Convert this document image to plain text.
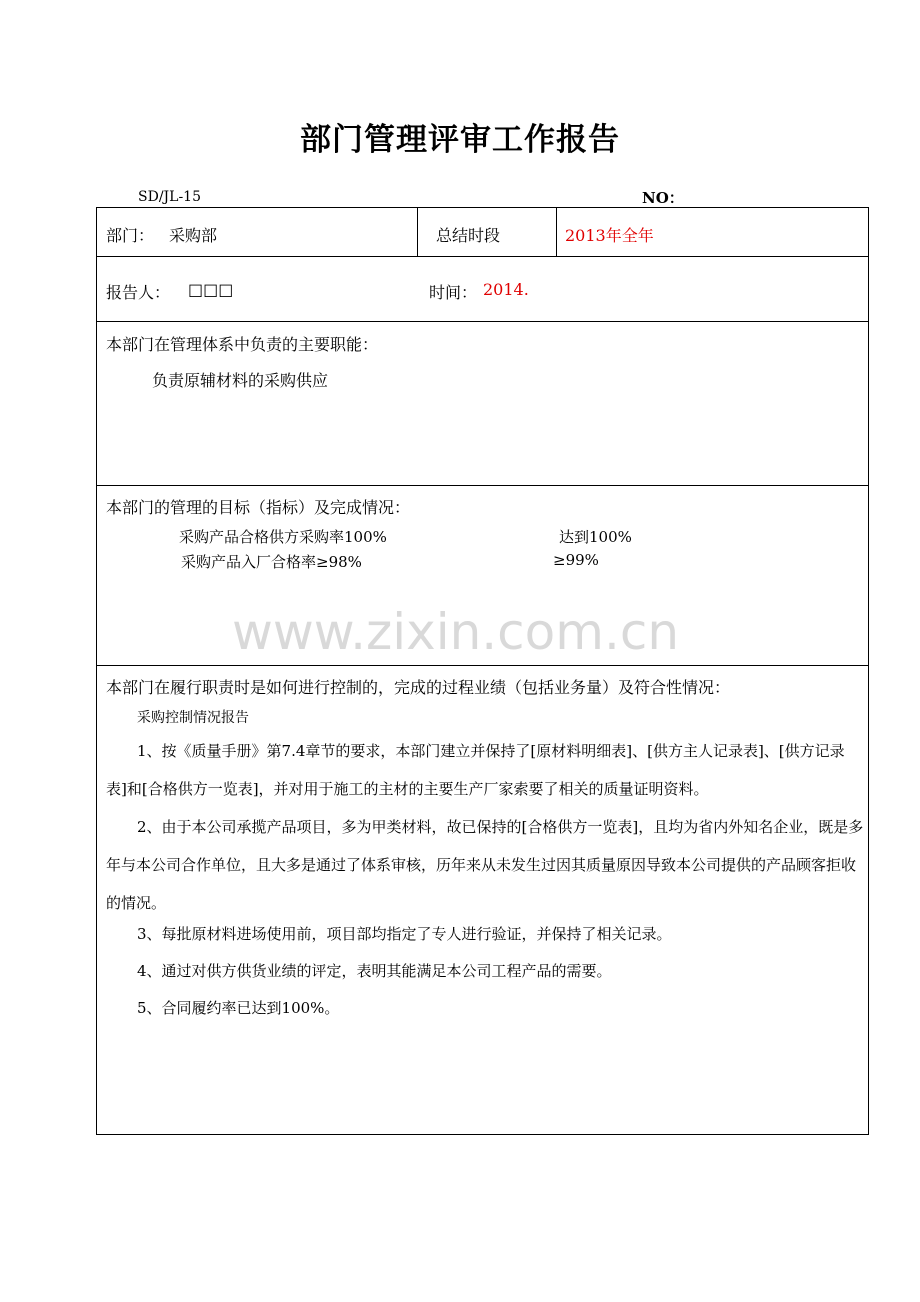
部门管理评审工作报告
SD/JL-15	NO：
部门： 采购部	总结时段	2013年全年
报告人： □□□	时间： 2014.
本部门在管理体系中负责的主要职能：
负责原辅材料的采购供应
本部门的管理的目标（指标）及完成情况：
采购产品合格供方采购率100%	达到100%
采购产品入厂合格率≥98%	≥99%
本部门在履行职责时是如何进行控制的，完成的过程业绩（包括业务量）及符合性情况：
采购控制情况报告
1、按《质量手册》第7.4章节的要求，本部门建立并保持了[原材料明细表]、[供方主人记录表]、[供方记录表]和[合格供方一览表]，并对用于施工的主材的主要生产厂家索要了相关的质量证明资料。
2、由于本公司承揽产品项目，多为甲类材料，故已保持的[合格供方一览表]，且均为省内外知名企业，既是多年与本公司合作单位，且大多是通过了体系审核，历年来从未发生过因其质量原因导致本公司提供的产品顾客拒收的情况。
3、每批原材料进场使用前，项目部均指定了专人进行验证，并保持了相关记录。
4、通过对供方供货业绩的评定，表明其能满足本公司工程产品的需要。
5、合同履约率已达到100%。
www.zixin.com.cn
